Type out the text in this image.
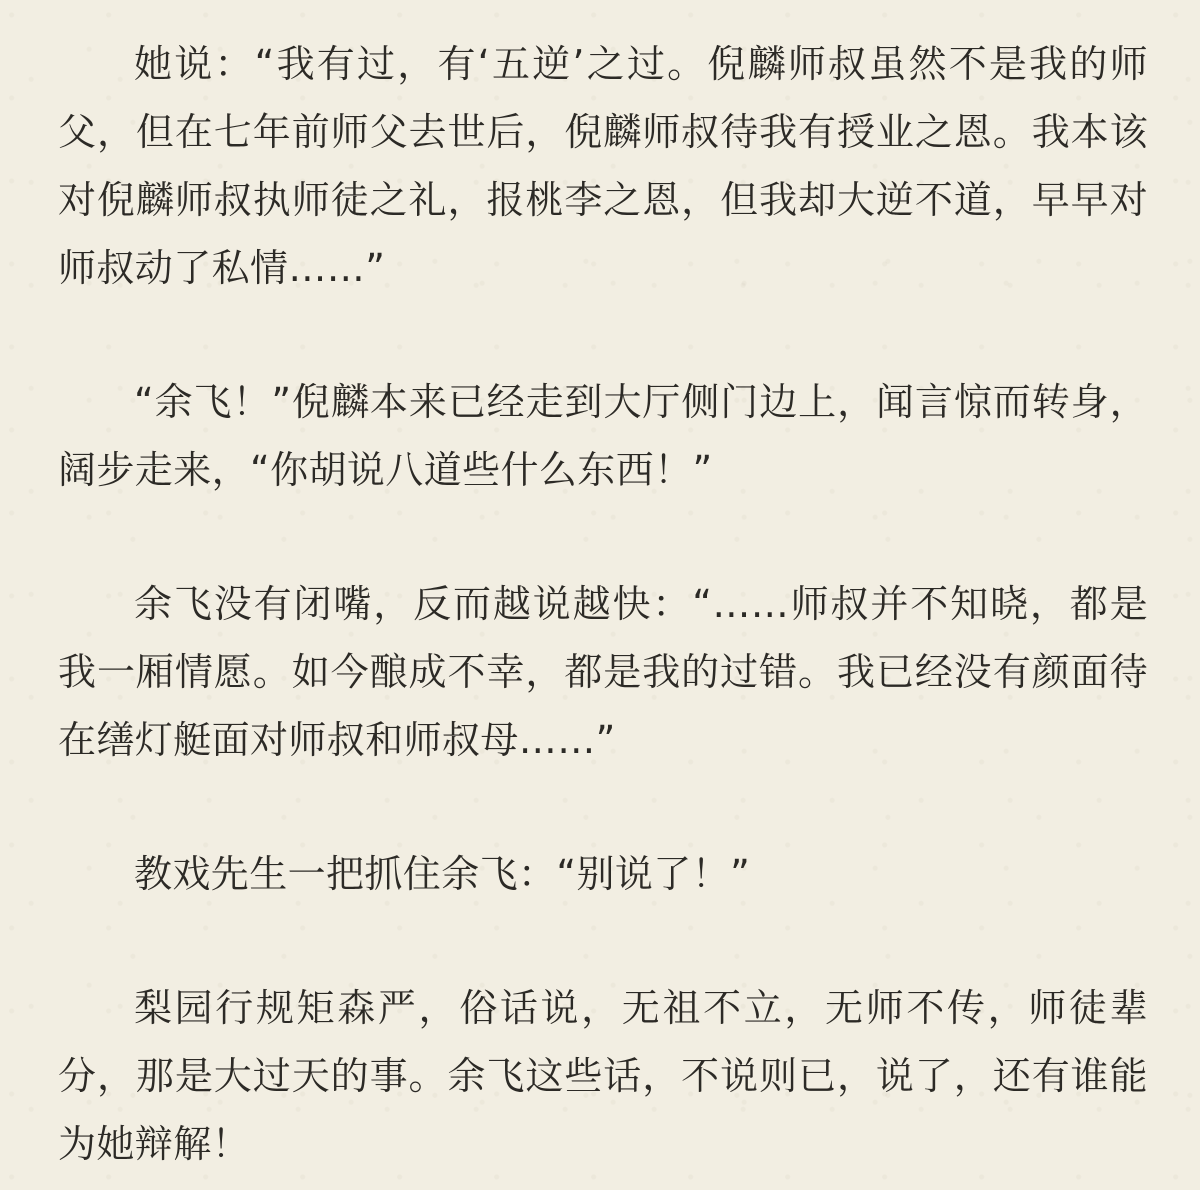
她说：“我有过，有‘五逆’之过。倪麟师叔虽然不是我的师父，但在七年前师父去世后，倪麟师叔待我有授业之恩。我本该对倪麟师叔执师徒之礼，报桃李之恩，但我却大逆不道，早早对师叔动了私情……”

“余飞！”倪麟本来已经走到大厅侧门边上，闻言惊而转身，阔步走来，“你胡说八道些什么东西！”

余飞没有闭嘴，反而越说越快：“……师叔并不知晓，都是我一厢情愿。如今酿成不幸，都是我的过错。我已经没有颜面待在缮灯艇面对师叔和师叔母……”

教戏先生一把抓住余飞：“别说了！”

梨园行规矩森严，俗话说，无祖不立，无师不传，师徒辈分，那是大过天的事。余飞这些话，不说则已，说了，还有谁能为她辩解！
